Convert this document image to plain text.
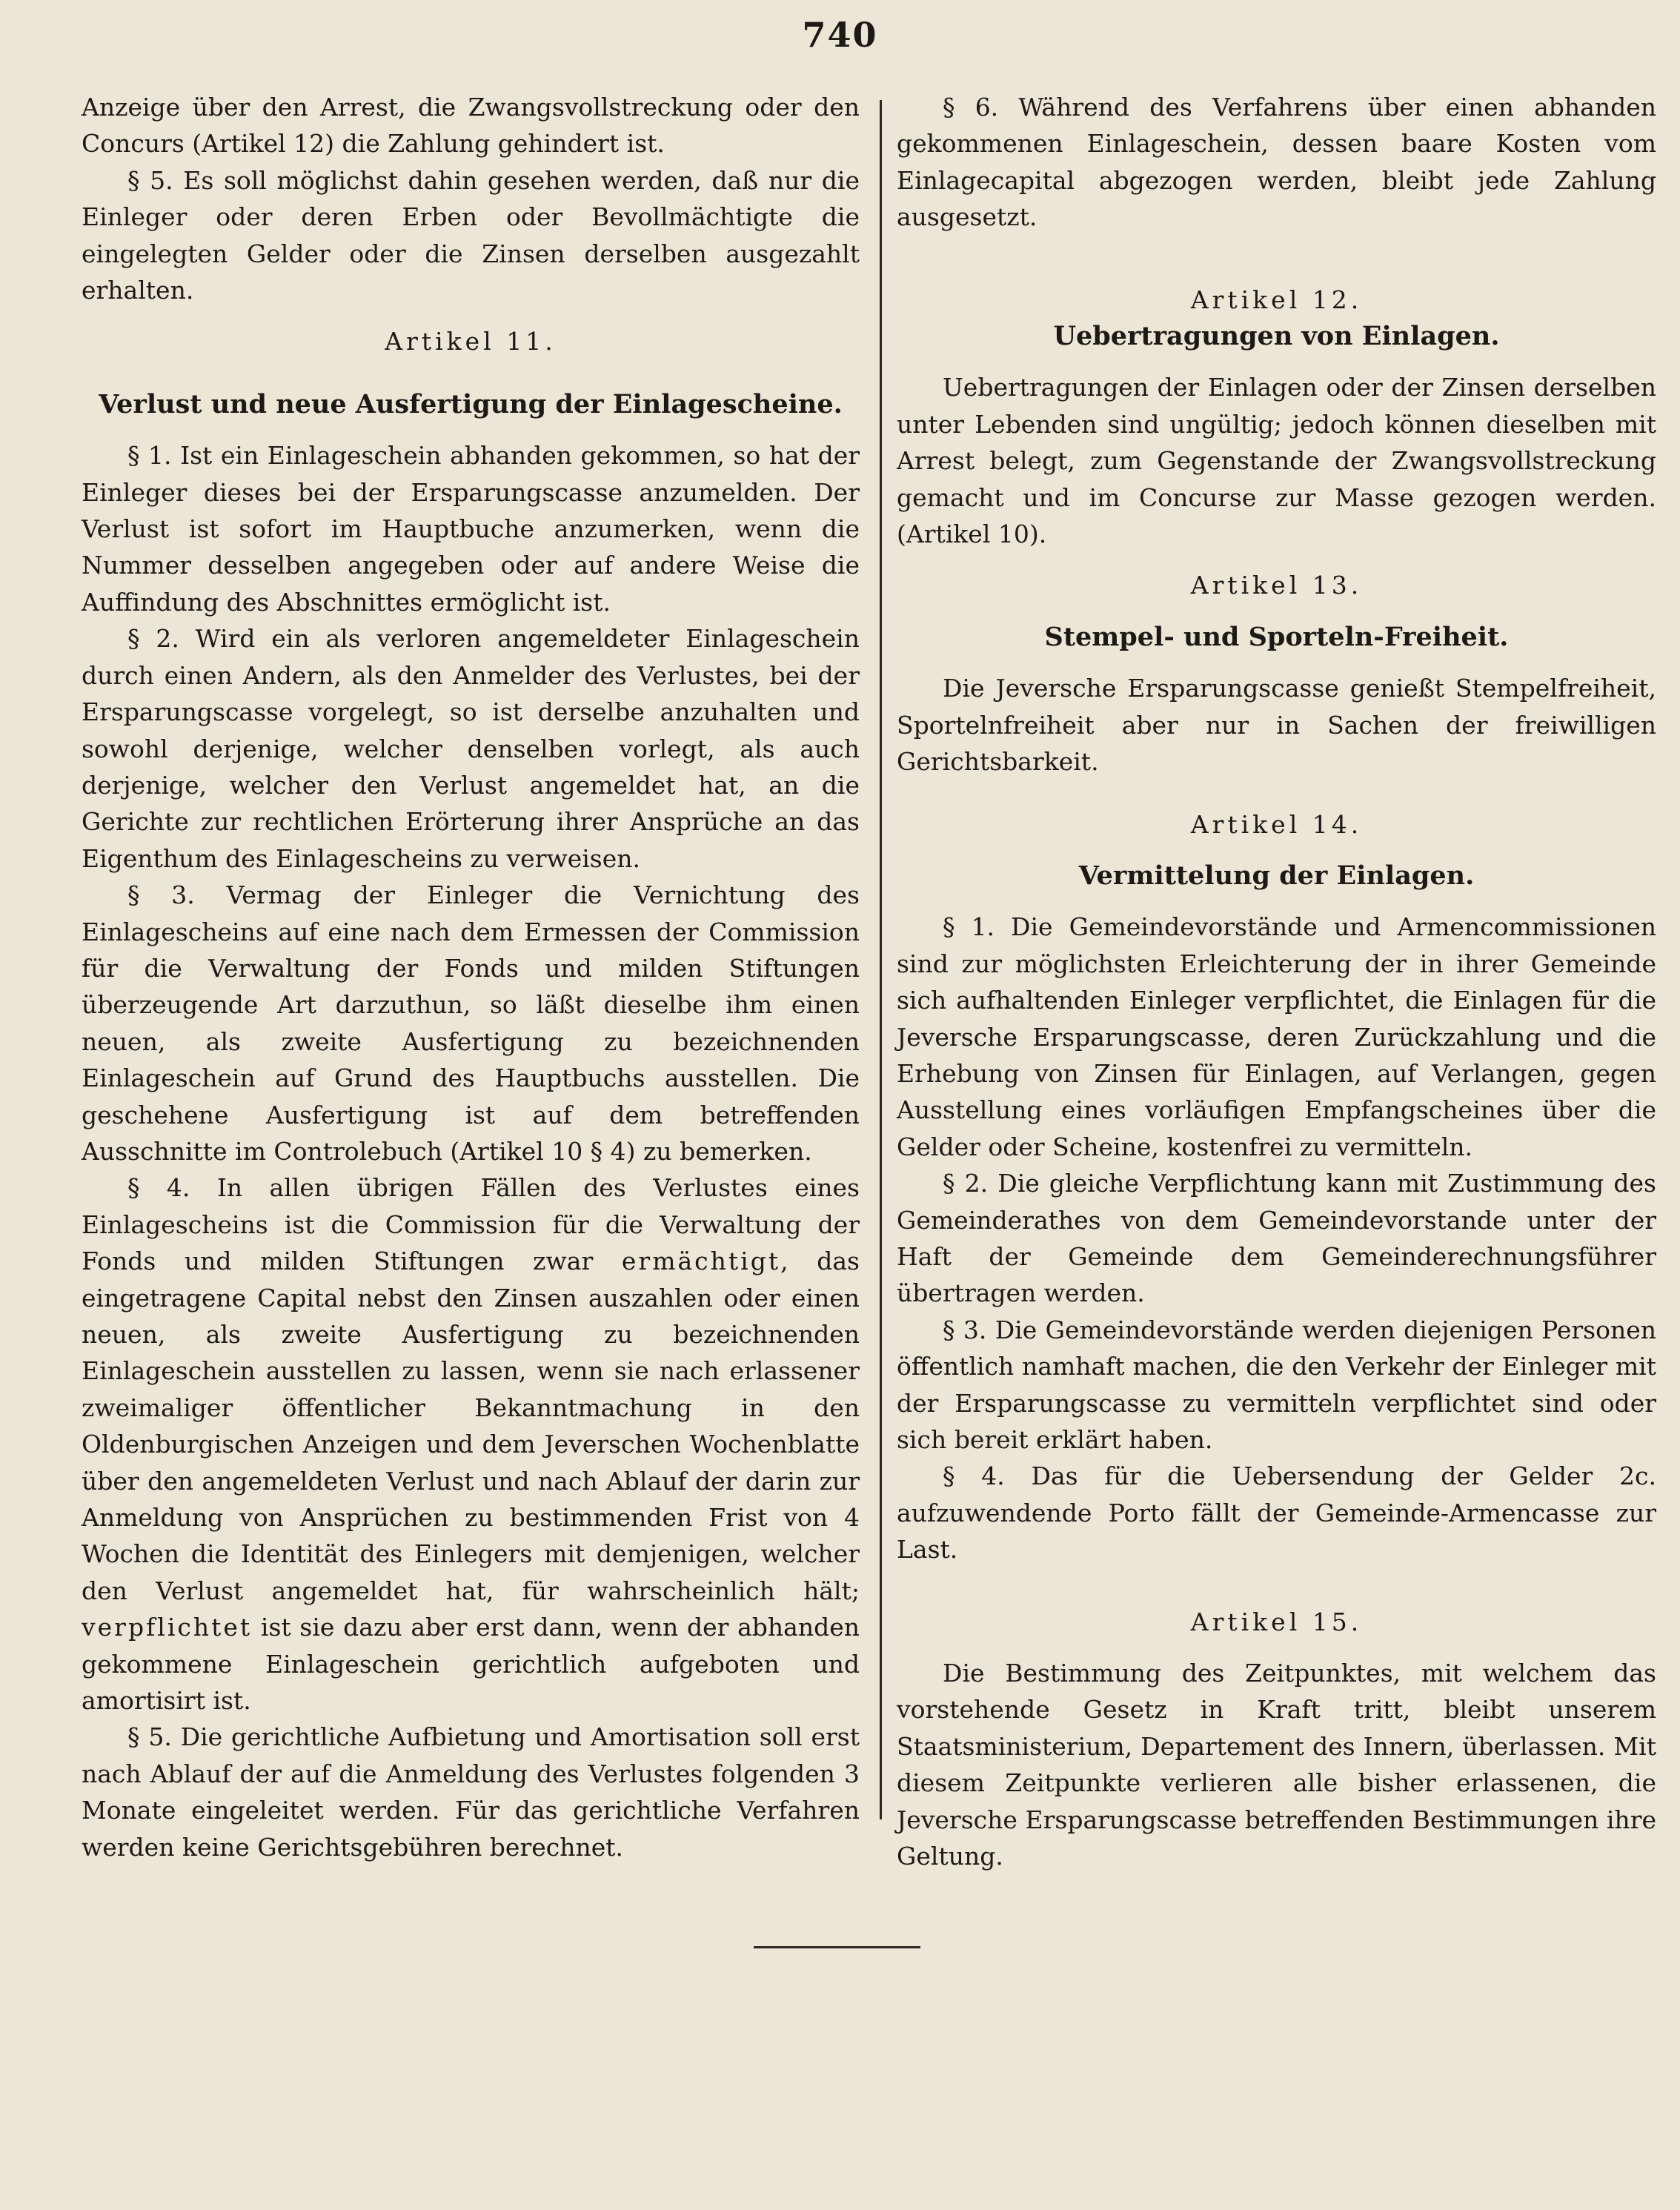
740

Anzeige über den Arrest, die Zwangsvollstreckung oder den Concurs (Artikel 12) die Zahlung gehindert ist.

§ 5. Es soll möglichst dahin gesehen werden, daß nur die Einleger oder deren Erben oder Bevollmächtigte die eingelegten Gelder oder die Zinsen derselben ausgezahlt erhalten.

Artikel 11.
Verlust und neue Ausfertigung der Einlagescheine.

§ 1. Ist ein Einlageschein abhanden gekommen, so hat der Einleger dieses bei der Ersparungscasse anzumelden. Der Verlust ist sofort im Hauptbuche anzumerken, wenn die Nummer desselben angegeben oder auf andere Weise die Auffindung des Abschnittes ermöglicht ist.

§ 2. Wird ein als verloren angemeldeter Einlageschein durch einen Andern, als den Anmelder des Verlustes, bei der Ersparungscasse vorgelegt, so ist derselbe anzuhalten und sowohl derjenige, welcher denselben vorlegt, als auch derjenige, welcher den Verlust angemeldet hat, an die Gerichte zur rechtlichen Erörterung ihrer Ansprüche an das Eigenthum des Einlagescheins zu verweisen.

§ 3. Vermag der Einleger die Vernichtung des Einlagescheins auf eine nach dem Ermessen der Commission für die Verwaltung der Fonds und milden Stiftungen überzeugende Art darzuthun, so läßt dieselbe ihm einen neuen, als zweite Ausfertigung zu bezeichnenden Einlageschein auf Grund des Hauptbuchs ausstellen. Die geschehene Ausfertigung ist auf dem betreffenden Ausschnitte im Controlebuch (Artikel 10 § 4) zu bemerken.

§ 4. In allen übrigen Fällen des Verlustes eines Einlagescheins ist die Commission für die Verwaltung der Fonds und milden Stiftungen zwar ermächtigt, das eingetragene Capital nebst den Zinsen auszahlen oder einen neuen, als zweite Ausfertigung zu bezeichnenden Einlageschein ausstellen zu lassen, wenn sie nach erlassener zweimaliger öffentlicher Bekanntmachung in den Oldenburgischen Anzeigen und dem Jeverschen Wochenblatte über den angemeldeten Verlust und nach Ablauf der darin zur Anmeldung von Ansprüchen zu bestimmenden Frist von 4 Wochen die Identität des Einlegers mit demjenigen, welcher den Verlust angemeldet hat, für wahrscheinlich hält; verpflichtet ist sie dazu aber erst dann, wenn der abhanden gekommene Einlageschein gerichtlich aufgeboten und amortisirt ist.

§ 5. Die gerichtliche Aufbietung und Amortisation soll erst nach Ablauf der auf die Anmeldung des Verlustes folgenden 3 Monate eingeleitet werden. Für das gerichtliche Verfahren werden keine Gerichtsgebühren berechnet.

§ 6. Während des Verfahrens über einen abhanden gekommenen Einlageschein, dessen baare Kosten vom Einlagecapital abgezogen werden, bleibt jede Zahlung ausgesetzt.

Artikel 12.
Uebertragungen von Einlagen.

Uebertragungen der Einlagen oder der Zinsen derselben unter Lebenden sind ungültig; jedoch können dieselben mit Arrest belegt, zum Gegenstande der Zwangsvollstreckung gemacht und im Concurse zur Masse gezogen werden. (Artikel 10).

Artikel 13.
Stempel- und Sporteln-Freiheit.

Die Jeversche Ersparungscasse genießt Stempelfreiheit, Sportelnfreiheit aber nur in Sachen der freiwilligen Gerichtsbarkeit.

Artikel 14.
Vermittelung der Einlagen.

§ 1. Die Gemeindevorstände und Armencommissionen sind zur möglichsten Erleichterung der in ihrer Gemeinde sich aufhaltenden Einleger verpflichtet, die Einlagen für die Jeversche Ersparungscasse, deren Zurückzahlung und die Erhebung von Zinsen für Einlagen, auf Verlangen, gegen Ausstellung eines vorläufigen Empfangscheines über die Gelder oder Scheine, kostenfrei zu vermitteln.

§ 2. Die gleiche Verpflichtung kann mit Zustimmung des Gemeinderathes von dem Gemeindevorstande unter der Haft der Gemeinde dem Gemeinderechnungsführer übertragen werden.

§ 3. Die Gemeindevorstände werden diejenigen Personen öffentlich namhaft machen, die den Verkehr der Einleger mit der Ersparungscasse zu vermitteln verpflichtet sind oder sich bereit erklärt haben.

§ 4. Das für die Uebersendung der Gelder 2c. aufzuwendende Porto fällt der Gemeinde-Armencasse zur Last.

Artikel 15.

Die Bestimmung des Zeitpunktes, mit welchem das vorstehende Gesetz in Kraft tritt, bleibt unserem Staatsministerium, Departement des Innern, überlassen. Mit diesem Zeitpunkte verlieren alle bisher erlassenen, die Jeversche Ersparungscasse betreffenden Bestimmungen ihre Geltung.
